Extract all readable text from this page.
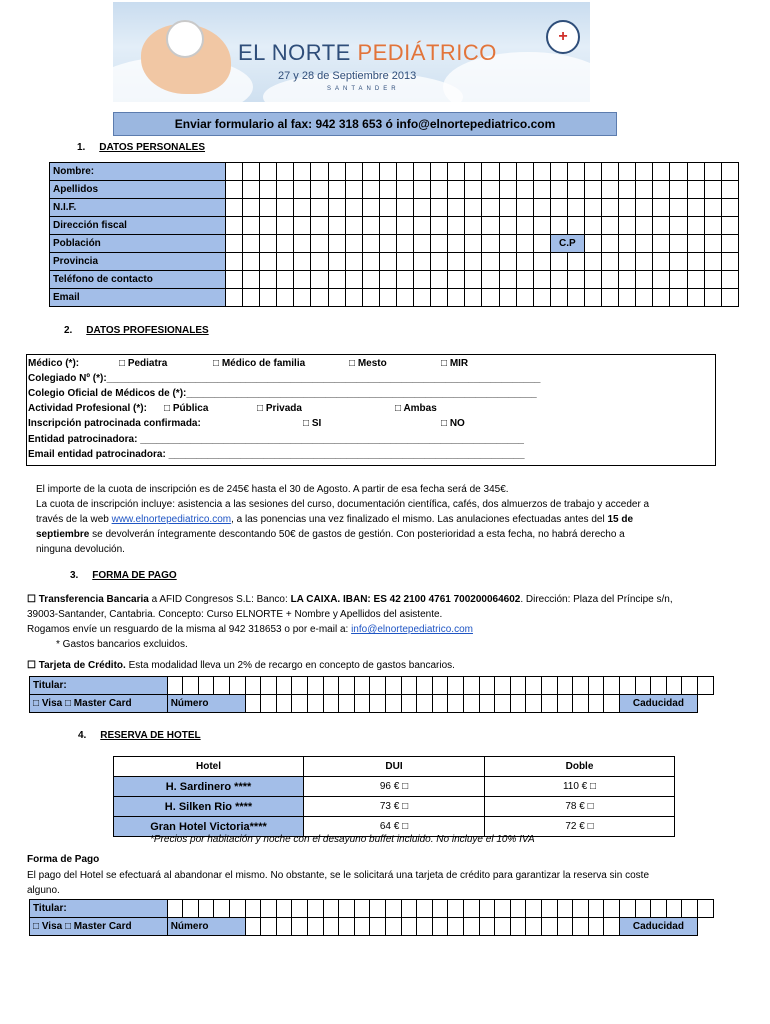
EL NORTE PEDIÁTRICO
27 y 28 de Septiembre 2013
SANTANDER
+
Enviar formulario al fax: 942 318 653 ó info@elnortepediatrico.com
1. DATOS PERSONALES
Nombre:																														
Apellidos																														
N.I.F.																														
Dirección fiscal																														
Población																				C.P										
Provincia																														
Teléfono de contacto																														
Email																														
2. DATOS PROFESIONALES
Médico (*):	□ Pediatra	□ Médico de familia	□ Mesto	□ MIR
Colegiado Nº (*):______________________________________________________________________________
Colegio Oficial de Médicos de (*):_______________________________________________________________
Actividad Profesional (*): □ Pública	□ Privada	□ Ambas
Inscripción patrocinada confirmada:	□ SI	□ NO
Entidad patrocinadora: _____________________________________________________________________
Email entidad patrocinadora: ________________________________________________________________
El importe de la cuota de inscripción es de 245€ hasta el 30 de Agosto. A partir de esa fecha será de 345€.
La cuota de inscripción incluye: asistencia a las sesiones del curso, documentación científica, cafés, dos almuerzos de trabajo y acceder a
través de la web www.elnortepediatrico.com, a las ponencias una vez finalizado el mismo. Las anulaciones efectuadas antes del 15 de
septiembre se devolverán íntegramente descontando 50€ de gastos de gestión. Con posterioridad a esta fecha, no habrá derecho a
ninguna devolución.
3. FORMA DE PAGO
☐ Transferencia Bancaria a AFID Congresos S.L: Banco: LA CAIXA. IBAN: ES 42 2100 4761 700200064602. Dirección: Plaza del Príncipe s/n,
39003-Santander, Cantabria. Concepto: Curso ELNORTE + Nombre y Apellidos del asistente.
Rogamos envíe un resguardo de la misma al 942 318653 o por e-mail a: info@elnortepediatrico.com
* Gastos bancarios excluidos.
☐ Tarjeta de Crédito. Esta modalidad lleva un 2% de recargo en concepto de gastos bancarios.
Titular:																																			
□ Visa □ Master Card	Número																													Caducidad					
4. RESERVA DE HOTEL
Hotel	DUI	Doble
H. Sardinero ****	96 € □	110 € □
H. Silken Rio ****	73 € □	78 € □
Gran Hotel Victoria****	64 € □	72 € □
*Precios por habitación y noche con el desayuno buffet incluido. No incluye el 10% IVA
Forma de Pago
El pago del Hotel se efectuará al abandonar el mismo. No obstante, se le solicitará una tarjeta de crédito para garantizar la reserva sin coste
alguno.
Titular:																																			
□ Visa □ Master Card	Número																													Caducidad					
